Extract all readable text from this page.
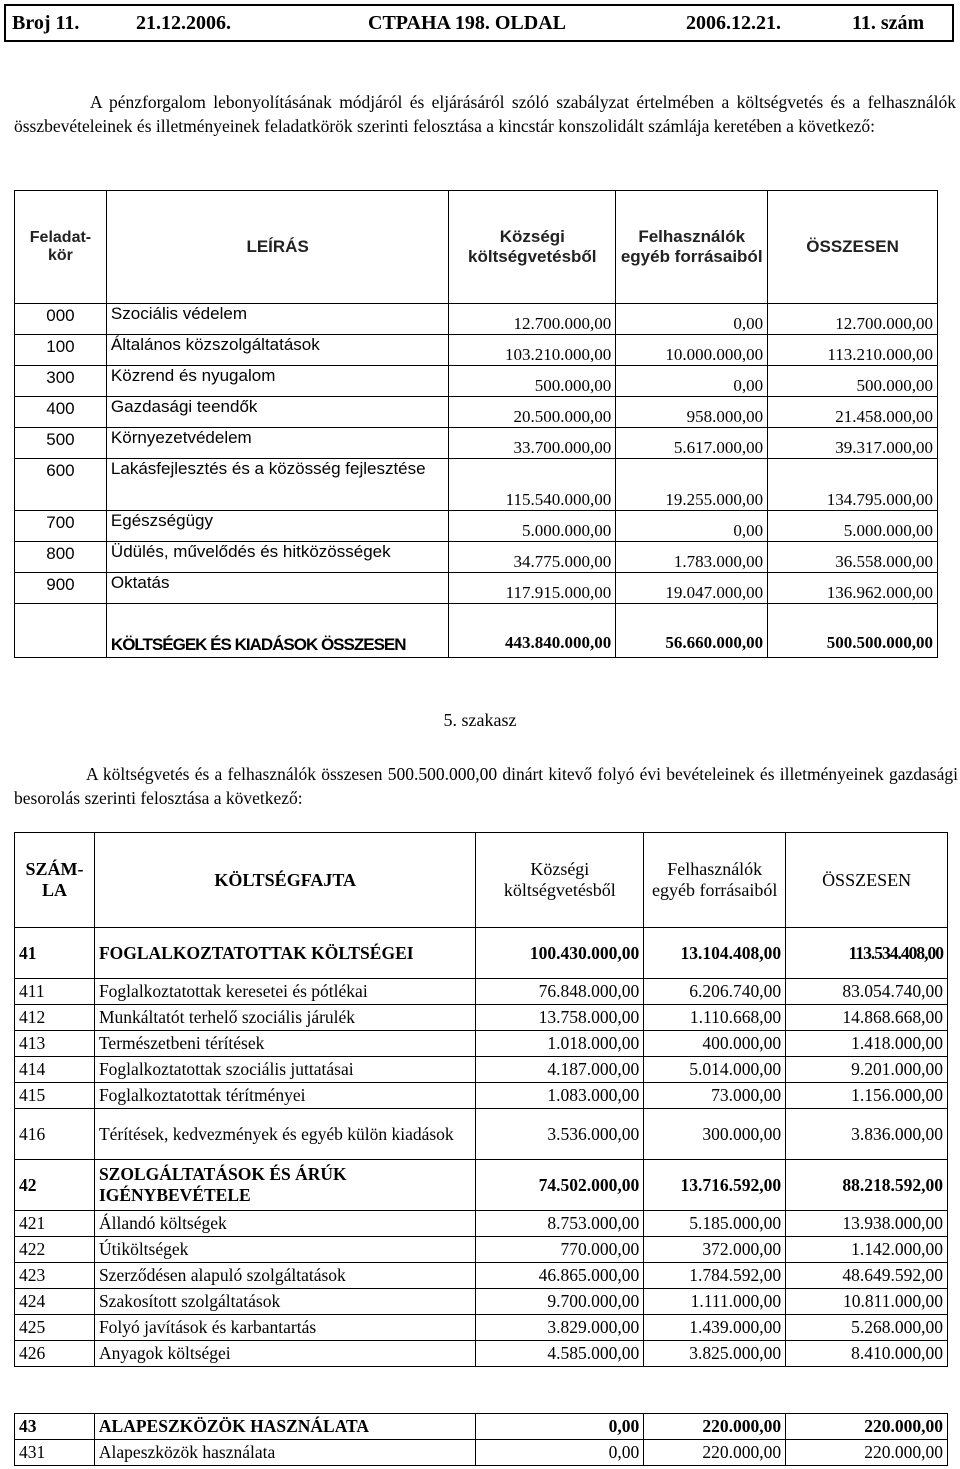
Broj 11.	21.12.2006.	CTPAHA 198. OLDAL	2006.12.21.	11. szám

A pénzforgalom lebonyolításának módjáról és eljárásáról szóló szabályzat értelmében a költségvetés és a felhasználók összbevételeinek és illetményeinek feladatkörök szerinti felosztása a kincstár konszolidált számlája keretében a következő:

Feladat-kör	LEÍRÁS	Községi költségvetésből	Felhasználók egyéb forrásaiból	ÖSSZESEN
000	Szociális védelem	12.700.000,00	0,00	12.700.000,00
100	Általános közszolgáltatások	103.210.000,00	10.000.000,00	113.210.000,00
300	Közrend és nyugalom	500.000,00	0,00	500.000,00
400	Gazdasági teendők	20.500.000,00	958.000,00	21.458.000,00
500	Környezetvédelem	33.700.000,00	5.617.000,00	39.317.000,00
600	Lakásfejlesztés és a közösség fejlesztése	115.540.000,00	19.255.000,00	134.795.000,00
700	Egészségügy	5.000.000,00	0,00	5.000.000,00
800	Üdülés, művelődés és hitközösségek	34.775.000,00	1.783.000,00	36.558.000,00
900	Oktatás	117.915.000,00	19.047.000,00	136.962.000,00
	KÖLTSÉGEK ÉS KIADÁSOK ÖSSZESEN	443.840.000,00	56.660.000,00	500.500.000,00
5. szakasz

A költségvetés és a felhasználók összesen 500.500.000,00 dinárt kitevő folyó évi bevételeinek és illetményeinek gazdasági besorolás szerinti felosztása a következő:

SZÁM-LA	KÖLTSÉGFAJTA	Községi költségvetésből	Felhasználók egyéb forrásaiból	ÖSSZESEN
41	FOGLALKOZTATOTTAK KÖLTSÉGEI	100.430.000,00	13.104.408,00	113.534.408,00
411	Foglalkoztatottak keresetei és pótlékai	76.848.000,00	6.206.740,00	83.054.740,00
412	Munkáltatót terhelő szociális járulék	13.758.000,00	1.110.668,00	14.868.668,00
413	Természetbeni térítések	1.018.000,00	400.000,00	1.418.000,00
414	Foglalkoztatottak szociális juttatásai	4.187.000,00	5.014.000,00	9.201.000,00
415	Foglalkoztatottak térítményei	1.083.000,00	73.000,00	1.156.000,00
416	Térítések, kedvezmények és egyéb külön kiadások	3.536.000,00	300.000,00	3.836.000,00
42	SZOLGÁLTATÁSOK ÉS ÁRÚK IGÉNYBEVÉTELE	74.502.000,00	13.716.592,00	88.218.592,00
421	Állandó költségek	8.753.000,00	5.185.000,00	13.938.000,00
422	Útiköltségek	770.000,00	372.000,00	1.142.000,00
423	Szerződésen alapuló szolgáltatások	46.865.000,00	1.784.592,00	48.649.592,00
424	Szakosított szolgáltatások	9.700.000,00	1.111.000,00	10.811.000,00
425	Folyó javítások és karbantartás	3.829.000,00	1.439.000,00	5.268.000,00
426	Anyagok költségei	4.585.000,00	3.825.000,00	8.410.000,00
43	ALAPESZKÖZÖK HASZNÁLATA	0,00	220.000,00	220.000,00
431	Alapeszközök használata	0,00	220.000,00	220.000,00
